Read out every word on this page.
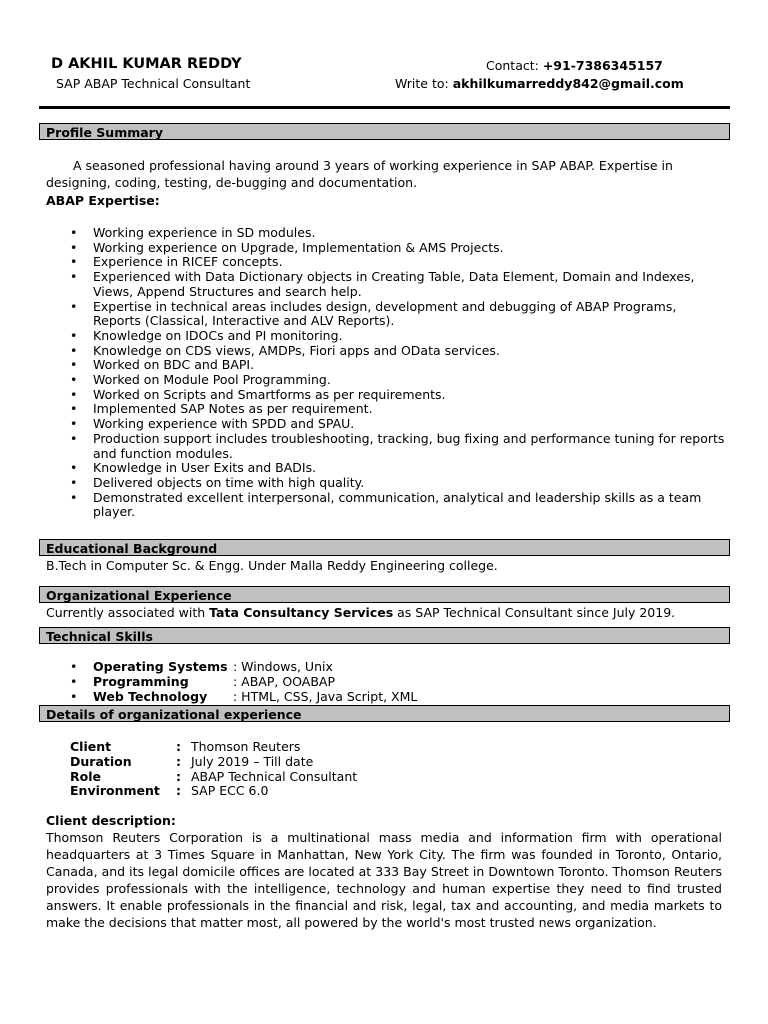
D AKHIL KUMAR REDDY
SAP ABAP Technical Consultant
Contact: +91-7386345157
Write to: akhilkumarreddy842@gmail.com
Profile Summary
A seasoned professional having around 3 years of working experience in SAP ABAP. Expertise in designing, coding, testing, de-bugging and documentation.
ABAP Expertise:
• Working experience in SD modules.
• Working experience on Upgrade, Implementation & AMS Projects.
• Experience in RICEF concepts.
• Experienced with Data Dictionary objects in Creating Table, Data Element, Domain and Indexes, Views, Append Structures and search help.
• Expertise in technical areas includes design, development and debugging of ABAP Programs, Reports (Classical, Interactive and ALV Reports).
• Knowledge on IDOCs and PI monitoring.
• Knowledge on CDS views, AMDPs, Fiori apps and OData services.
• Worked on BDC and BAPI.
• Worked on Module Pool Programming.
• Worked on Scripts and Smartforms as per requirements.
• Implemented SAP Notes as per requirement.
• Working experience with SPDD and SPAU.
• Production support includes troubleshooting, tracking, bug fixing and performance tuning for reports and function modules.
• Knowledge in User Exits and BADIs.
• Delivered objects on time with high quality.
• Demonstrated excellent interpersonal, communication, analytical and leadership skills as a team player.
Educational Background
B.Tech in Computer Sc. & Engg. Under Malla Reddy Engineering college.
Organizational Experience
Currently associated with Tata Consultancy Services as SAP Technical Consultant since July 2019.
Technical Skills
• Operating Systems : Windows, Unix
• Programming	: ABAP, OOABAP
• Web Technology : HTML, CSS, Java Script, XML
Details of organizational experience
Client	: Thomson Reuters
Duration	: July 2019 – Till date
Role	: ABAP Technical Consultant
Environment : SAP ECC 6.0
Client description:
Thomson Reuters Corporation is a multinational mass media and information firm with operational headquarters at 3 Times Square in Manhattan, New York City. The firm was founded in Toronto, Ontario, Canada, and its legal domicile offices are located at 333 Bay Street in Downtown Toronto. Thomson Reuters provides professionals with the intelligence, technology and human expertise they need to find trusted answers. It enable professionals in the financial and risk, legal, tax and accounting, and media markets to make the decisions that matter most, all powered by the world's most trusted news organization.
